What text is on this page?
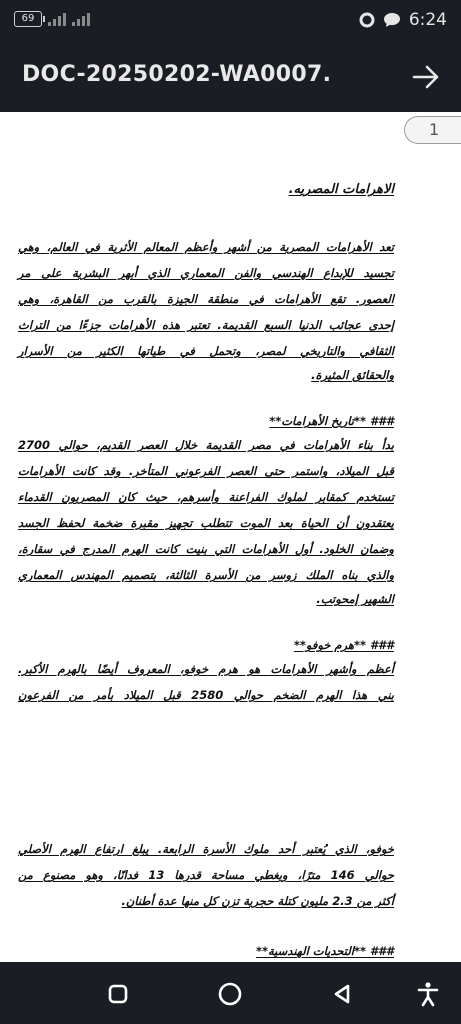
69	6:24
DOC-20250202-WA0007.
1
الاهرامات المصريه.
تعد الأهرامات المصرية من أشهر وأعظم المعالم الأثرية في العالم، وهي
تجسيد للإبداع الهندسي والفن المعماري الذي أبهر البشرية على مر
العصور. تقع الأهرامات في منطقة الجيزة بالقرب من القاهرة، وهي
إحدى عجائب الدنيا السبع القديمة. تعتبر هذه الأهرامات جزءًا من التراث
الثقافي والتاريخي لمصر، وتحمل في طياتها الكثير من الأسرار
والحقائق المثيرة.
### **تاريخ الأهرامات**
بدأ بناء الأهرامات في مصر القديمة خلال العصر القديم، حوالي 2700
قبل الميلاد، واستمر حتى العصر الفرعوني المتأخر. وقد كانت الأهرامات
تستخدم كمقابر لملوك الفراعنة وأسرهم، حيث كان المصريون القدماء
يعتقدون أن الحياة بعد الموت تتطلب تجهيز مقبرة ضخمة لحفظ الجسد
وضمان الخلود. أول الأهرامات التي بنيت كانت الهرم المدرج في سقارة،
والذي بناه الملك زوسر من الأسرة الثالثة، بتصميم المهندس المعماري
الشهير إمحوتب.
### **هرم خوفو**
أعظم وأشهر الأهرامات هو هرم خوفو، المعروف أيضًا بالهرم الأكبر.
بني هذا الهرم الضخم حوالي 2580 قبل الميلاد بأمر من الفرعون
خوفو، الذي يُعتبر أحد ملوك الأسرة الرابعة. يبلغ ارتفاع الهرم الأصلي
حوالي 146 مترًا، ويغطي مساحة قدرها 13 فدانًا، وهو مصنوع من
أكثر من 2.3 مليون كتلة حجرية تزن كل منها عدة أطنان.
### **التحديات الهندسية**
